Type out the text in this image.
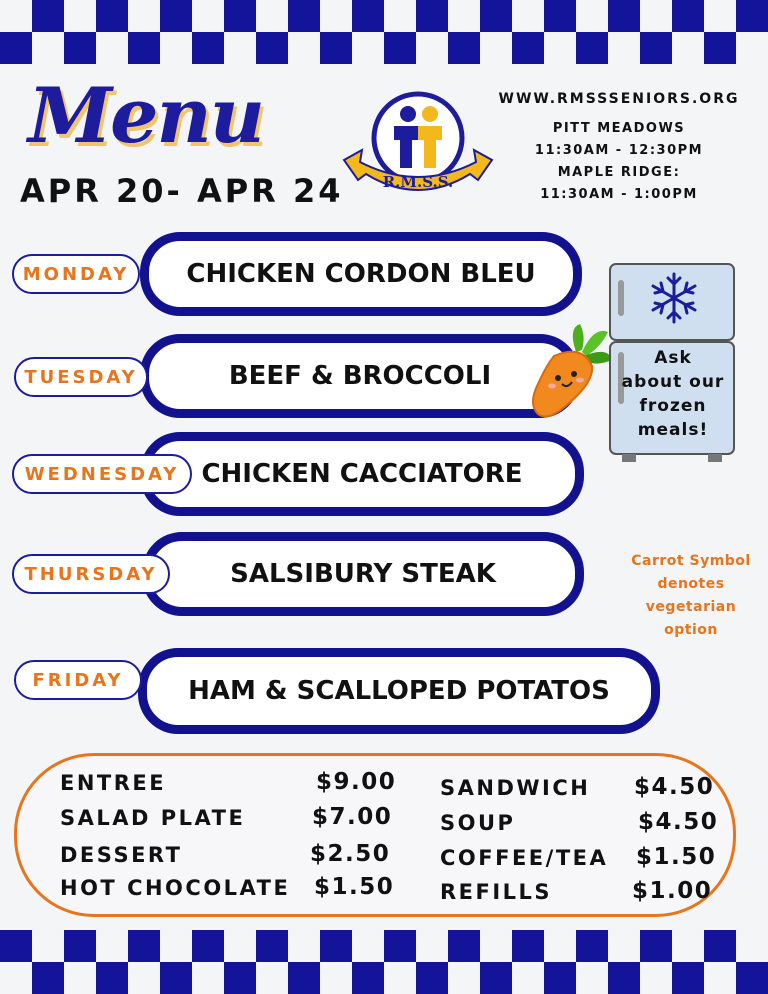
Menu
APR 20- APR 24	R.M.S.S.
WWW.RMSSSENIORS.ORG
PITT MEADOWS
11:30AM - 12:30PM
MAPLE RIDGE:
11:30AM - 1:00PM
CHICKEN CORDON BLEU
MONDAY
BEEF & BROCCOLI
TUESDAY
CHICKEN CACCIATORE
WEDNESDAY
SALSIBURY STEAK
THURSDAY
HAM & SCALLOPED POTATOS
FRIDAY
Ask
about our
frozen
meals!
Carrot Symbol
denotes
vegetarian
option
ENTREE	$9.00
SALAD PLATE	$7.00
DESSERT	$2.50
HOT CHOCOLATE $1.50
SANDWICH $4.50
SOUP	$4.50
COFFEE/TEA $1.50
REFILLS	$1.00
